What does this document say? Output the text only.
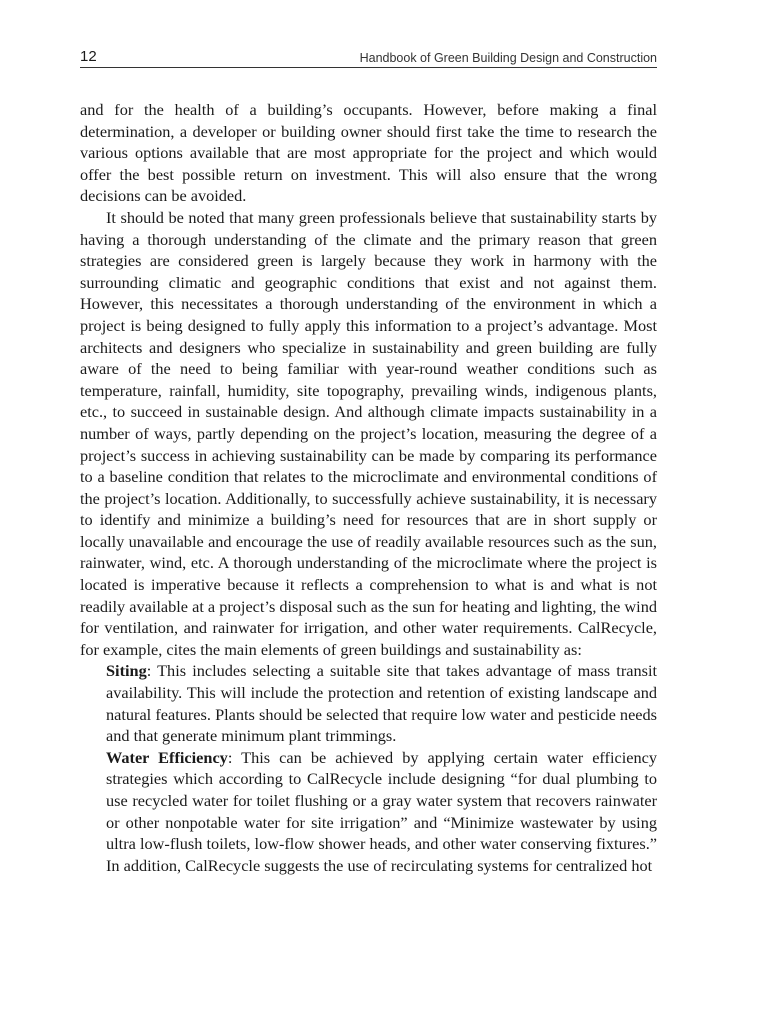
12	Handbook of Green Building Design and Construction

and for the health of a building’s occupants. However, before making a final determination, a developer or building owner should first take the time to research the various options available that are most appropriate for the project and which would offer the best possible return on investment. This will also ensure that the wrong decisions can be avoided.

It should be noted that many green professionals believe that sustainability starts by having a thorough understanding of the climate and the primary reason that green strategies are considered green is largely because they work in harmony with the surrounding climatic and geographic conditions that exist and not against them. However, this necessitates a thorough understanding of the environment in which a project is being designed to fully apply this information to a project’s advantage. Most architects and designers who specialize in sustainability and green building are fully aware of the need to being familiar with year-round weather conditions such as temperature, rainfall, humidity, site topography, prevailing winds, indigenous plants, etc., to succeed in sustainable design. And although climate impacts sustainability in a number of ways, partly depending on the project’s location, measuring the degree of a project’s success in achieving sustainability can be made by comparing its performance to a baseline condition that relates to the microclimate and environmental conditions of the project’s location. Additionally, to successfully achieve sustainability, it is necessary to identify and minimize a building’s need for resources that are in short supply or locally unavailable and encourage the use of readily available resources such as the sun, rainwater, wind, etc. A thorough understanding of the microclimate where the project is located is imperative because it reflects a comprehension to what is and what is not readily available at a project’s disposal such as the sun for heating and lighting, the wind for ventilation, and rainwater for irrigation, and other water requirements. CalRecycle, for example, cites the main elements of green buildings and sustainability as:

Siting: This includes selecting a suitable site that takes advantage of mass transit availability. This will include the protection and retention of existing landscape and natural features. Plants should be selected that require low water and pesticide needs and that generate minimum plant trimmings.

Water Efficiency: This can be achieved by applying certain water efficiency strategies which according to CalRecycle include designing “for dual plumbing to use recycled water for toilet flushing or a gray water system that recovers rainwater or other nonpotable water for site irrigation” and “Minimize wastewater by using ultra low-flush toilets, low-flow shower heads, and other water conserving fixtures.” In addition, CalRecycle suggests the use of recirculating systems for centralized hot
